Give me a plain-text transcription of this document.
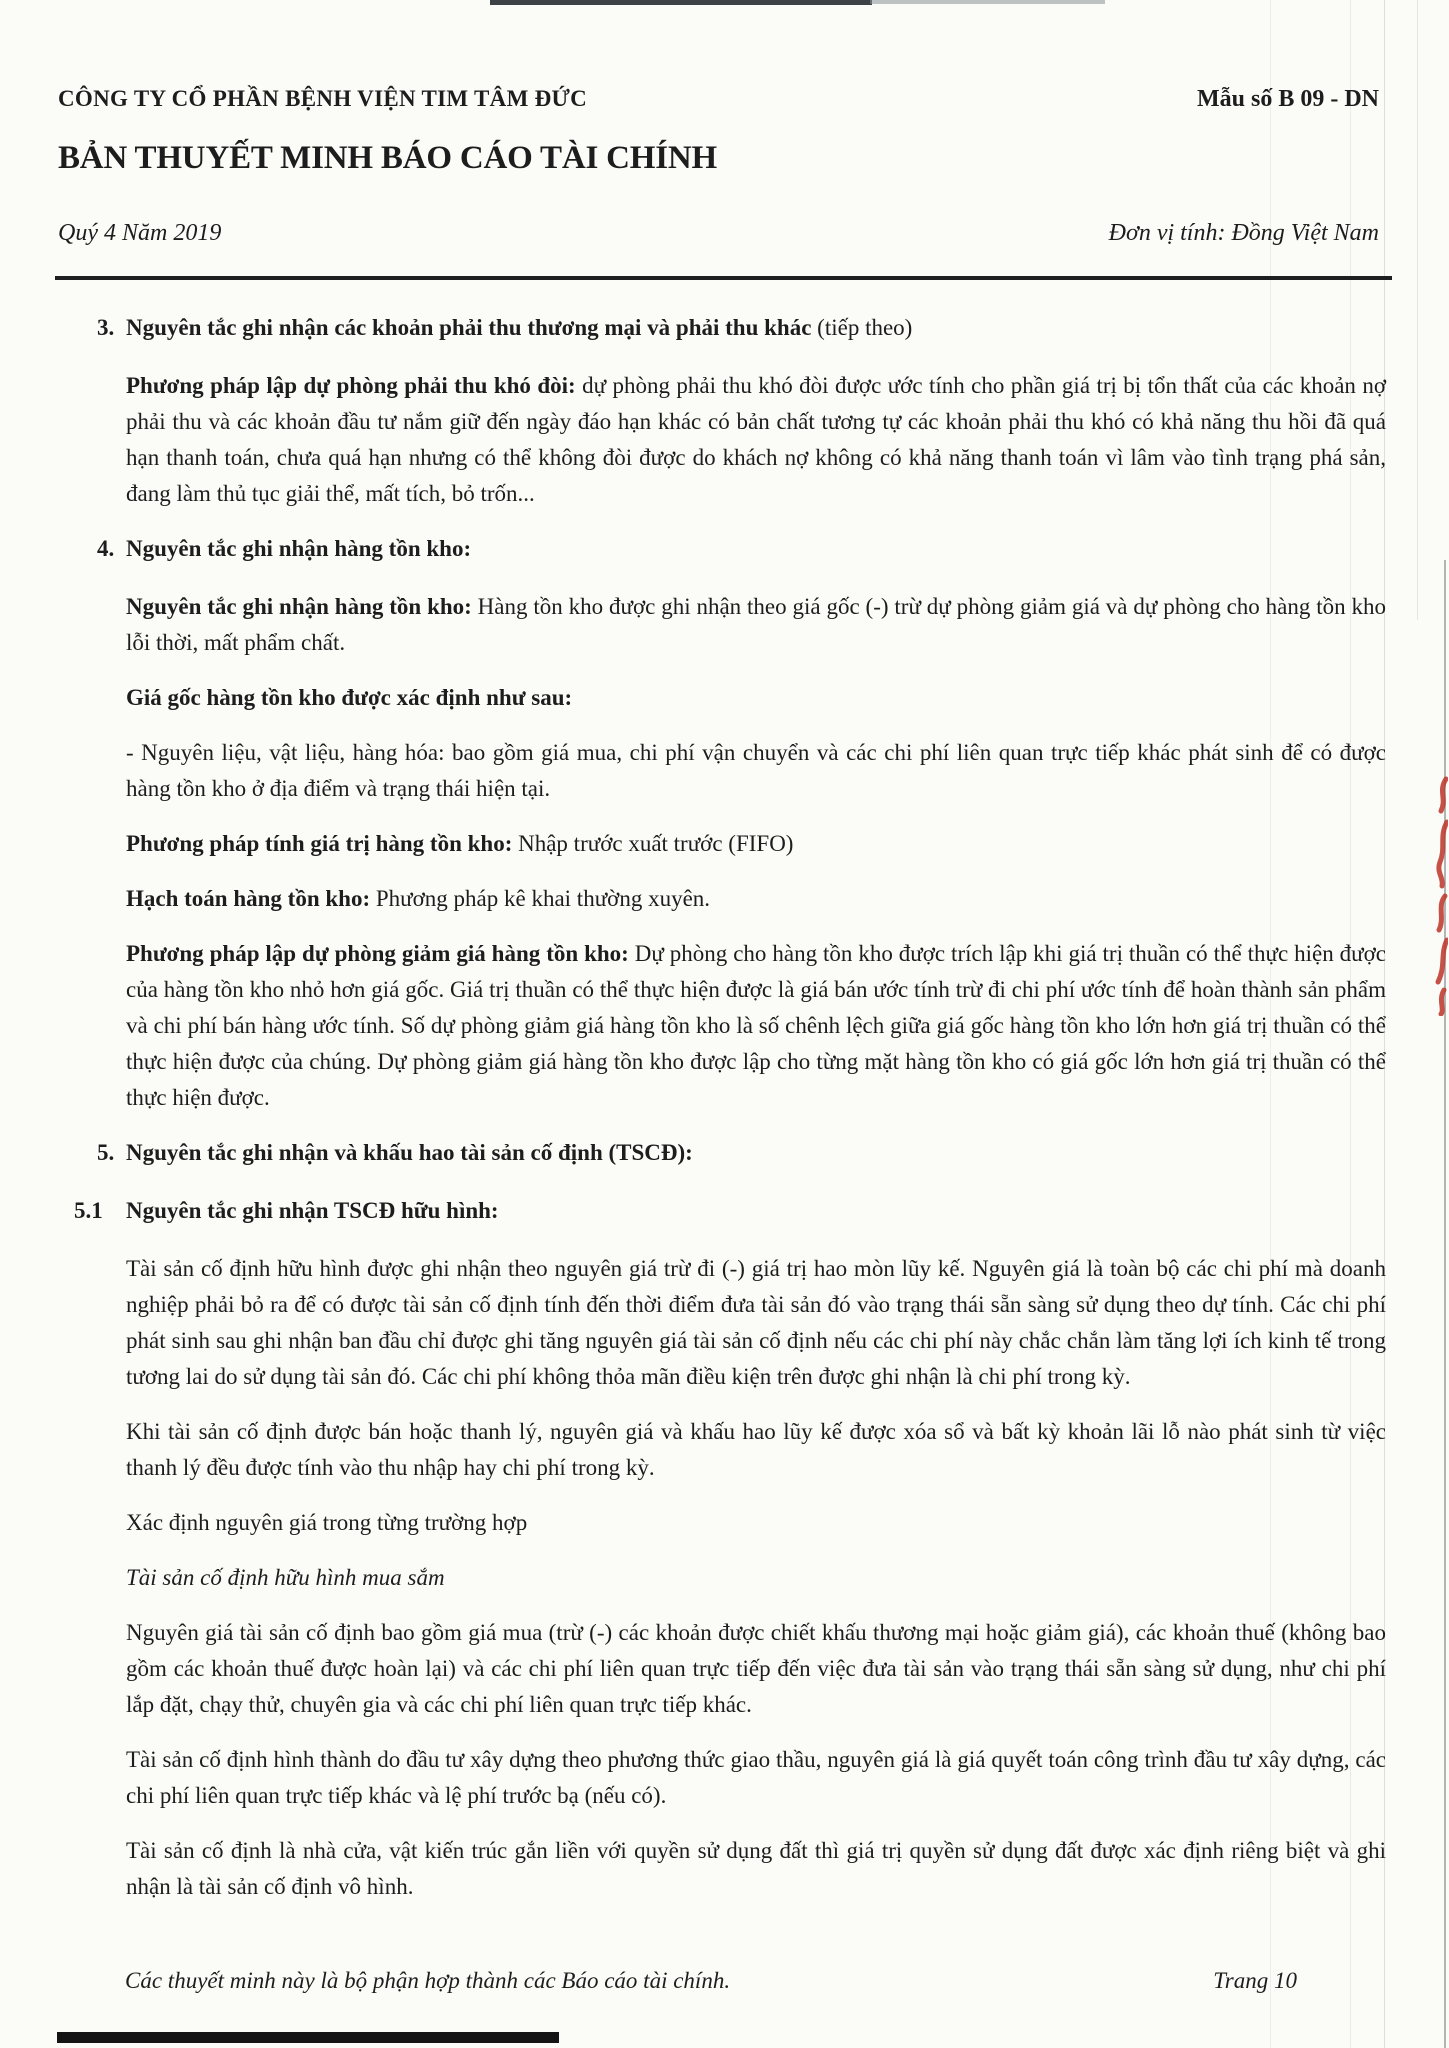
CÔNG TY CỔ PHẦN BỆNH VIỆN TIM TÂM ĐỨC	Mẫu số B 09 - DN
BẢN THUYẾT MINH BÁO CÁO TÀI CHÍNH
Quý 4 Năm 2019	Đơn vị tính: Đồng Việt Nam
3. Nguyên tắc ghi nhận các khoản phải thu thương mại và phải thu khác (tiếp theo)
Phương pháp lập dự phòng phải thu khó đòi: dự phòng phải thu khó đòi được ước tính cho phần giá trị bị tổn thất của các khoản nợ phải thu và các khoản đầu tư nắm giữ đến ngày đáo hạn khác có bản chất tương tự các khoản phải thu khó có khả năng thu hồi đã quá hạn thanh toán, chưa quá hạn nhưng có thể không đòi được do khách nợ không có khả năng thanh toán vì lâm vào tình trạng phá sản, đang làm thủ tục giải thể, mất tích, bỏ trốn...
4. Nguyên tắc ghi nhận hàng tồn kho:
Nguyên tắc ghi nhận hàng tồn kho: Hàng tồn kho được ghi nhận theo giá gốc (-) trừ dự phòng giảm giá và dự phòng cho hàng tồn kho lỗi thời, mất phẩm chất.
Giá gốc hàng tồn kho được xác định như sau:
- Nguyên liệu, vật liệu, hàng hóa: bao gồm giá mua, chi phí vận chuyển và các chi phí liên quan trực tiếp khác phát sinh để có được hàng tồn kho ở địa điểm và trạng thái hiện tại.
Phương pháp tính giá trị hàng tồn kho: Nhập trước xuất trước (FIFO)
Hạch toán hàng tồn kho: Phương pháp kê khai thường xuyên.
Phương pháp lập dự phòng giảm giá hàng tồn kho: Dự phòng cho hàng tồn kho được trích lập khi giá trị thuần có thể thực hiện được của hàng tồn kho nhỏ hơn giá gốc. Giá trị thuần có thể thực hiện được là giá bán ước tính trừ đi chi phí ước tính để hoàn thành sản phẩm và chi phí bán hàng ước tính. Số dự phòng giảm giá hàng tồn kho là số chênh lệch giữa giá gốc hàng tồn kho lớn hơn giá trị thuần có thể thực hiện được của chúng. Dự phòng giảm giá hàng tồn kho được lập cho từng mặt hàng tồn kho có giá gốc lớn hơn giá trị thuần có thể thực hiện được.
5. Nguyên tắc ghi nhận và khấu hao tài sản cố định (TSCĐ):
5.1 Nguyên tắc ghi nhận TSCĐ hữu hình:
Tài sản cố định hữu hình được ghi nhận theo nguyên giá trừ đi (-) giá trị hao mòn lũy kế. Nguyên giá là toàn bộ các chi phí mà doanh nghiệp phải bỏ ra để có được tài sản cố định tính đến thời điểm đưa tài sản đó vào trạng thái sẵn sàng sử dụng theo dự tính. Các chi phí phát sinh sau ghi nhận ban đầu chỉ được ghi tăng nguyên giá tài sản cố định nếu các chi phí này chắc chắn làm tăng lợi ích kinh tế trong tương lai do sử dụng tài sản đó. Các chi phí không thỏa mãn điều kiện trên được ghi nhận là chi phí trong kỳ.
Khi tài sản cố định được bán hoặc thanh lý, nguyên giá và khấu hao lũy kế được xóa sổ và bất kỳ khoản lãi lỗ nào phát sinh từ việc thanh lý đều được tính vào thu nhập hay chi phí trong kỳ.
Xác định nguyên giá trong từng trường hợp
Tài sản cố định hữu hình mua sắm
Nguyên giá tài sản cố định bao gồm giá mua (trừ (-) các khoản được chiết khấu thương mại hoặc giảm giá), các khoản thuế (không bao gồm các khoản thuế được hoàn lại) và các chi phí liên quan trực tiếp đến việc đưa tài sản vào trạng thái sẵn sàng sử dụng, như chi phí lắp đặt, chạy thử, chuyên gia và các chi phí liên quan trực tiếp khác.
Tài sản cố định hình thành do đầu tư xây dựng theo phương thức giao thầu, nguyên giá là giá quyết toán công trình đầu tư xây dựng, các chi phí liên quan trực tiếp khác và lệ phí trước bạ (nếu có).
Tài sản cố định là nhà cửa, vật kiến trúc gắn liền với quyền sử dụng đất thì giá trị quyền sử dụng đất được xác định riêng biệt và ghi nhận là tài sản cố định vô hình.
Các thuyết minh này là bộ phận hợp thành các Báo cáo tài chính.	Trang 10
